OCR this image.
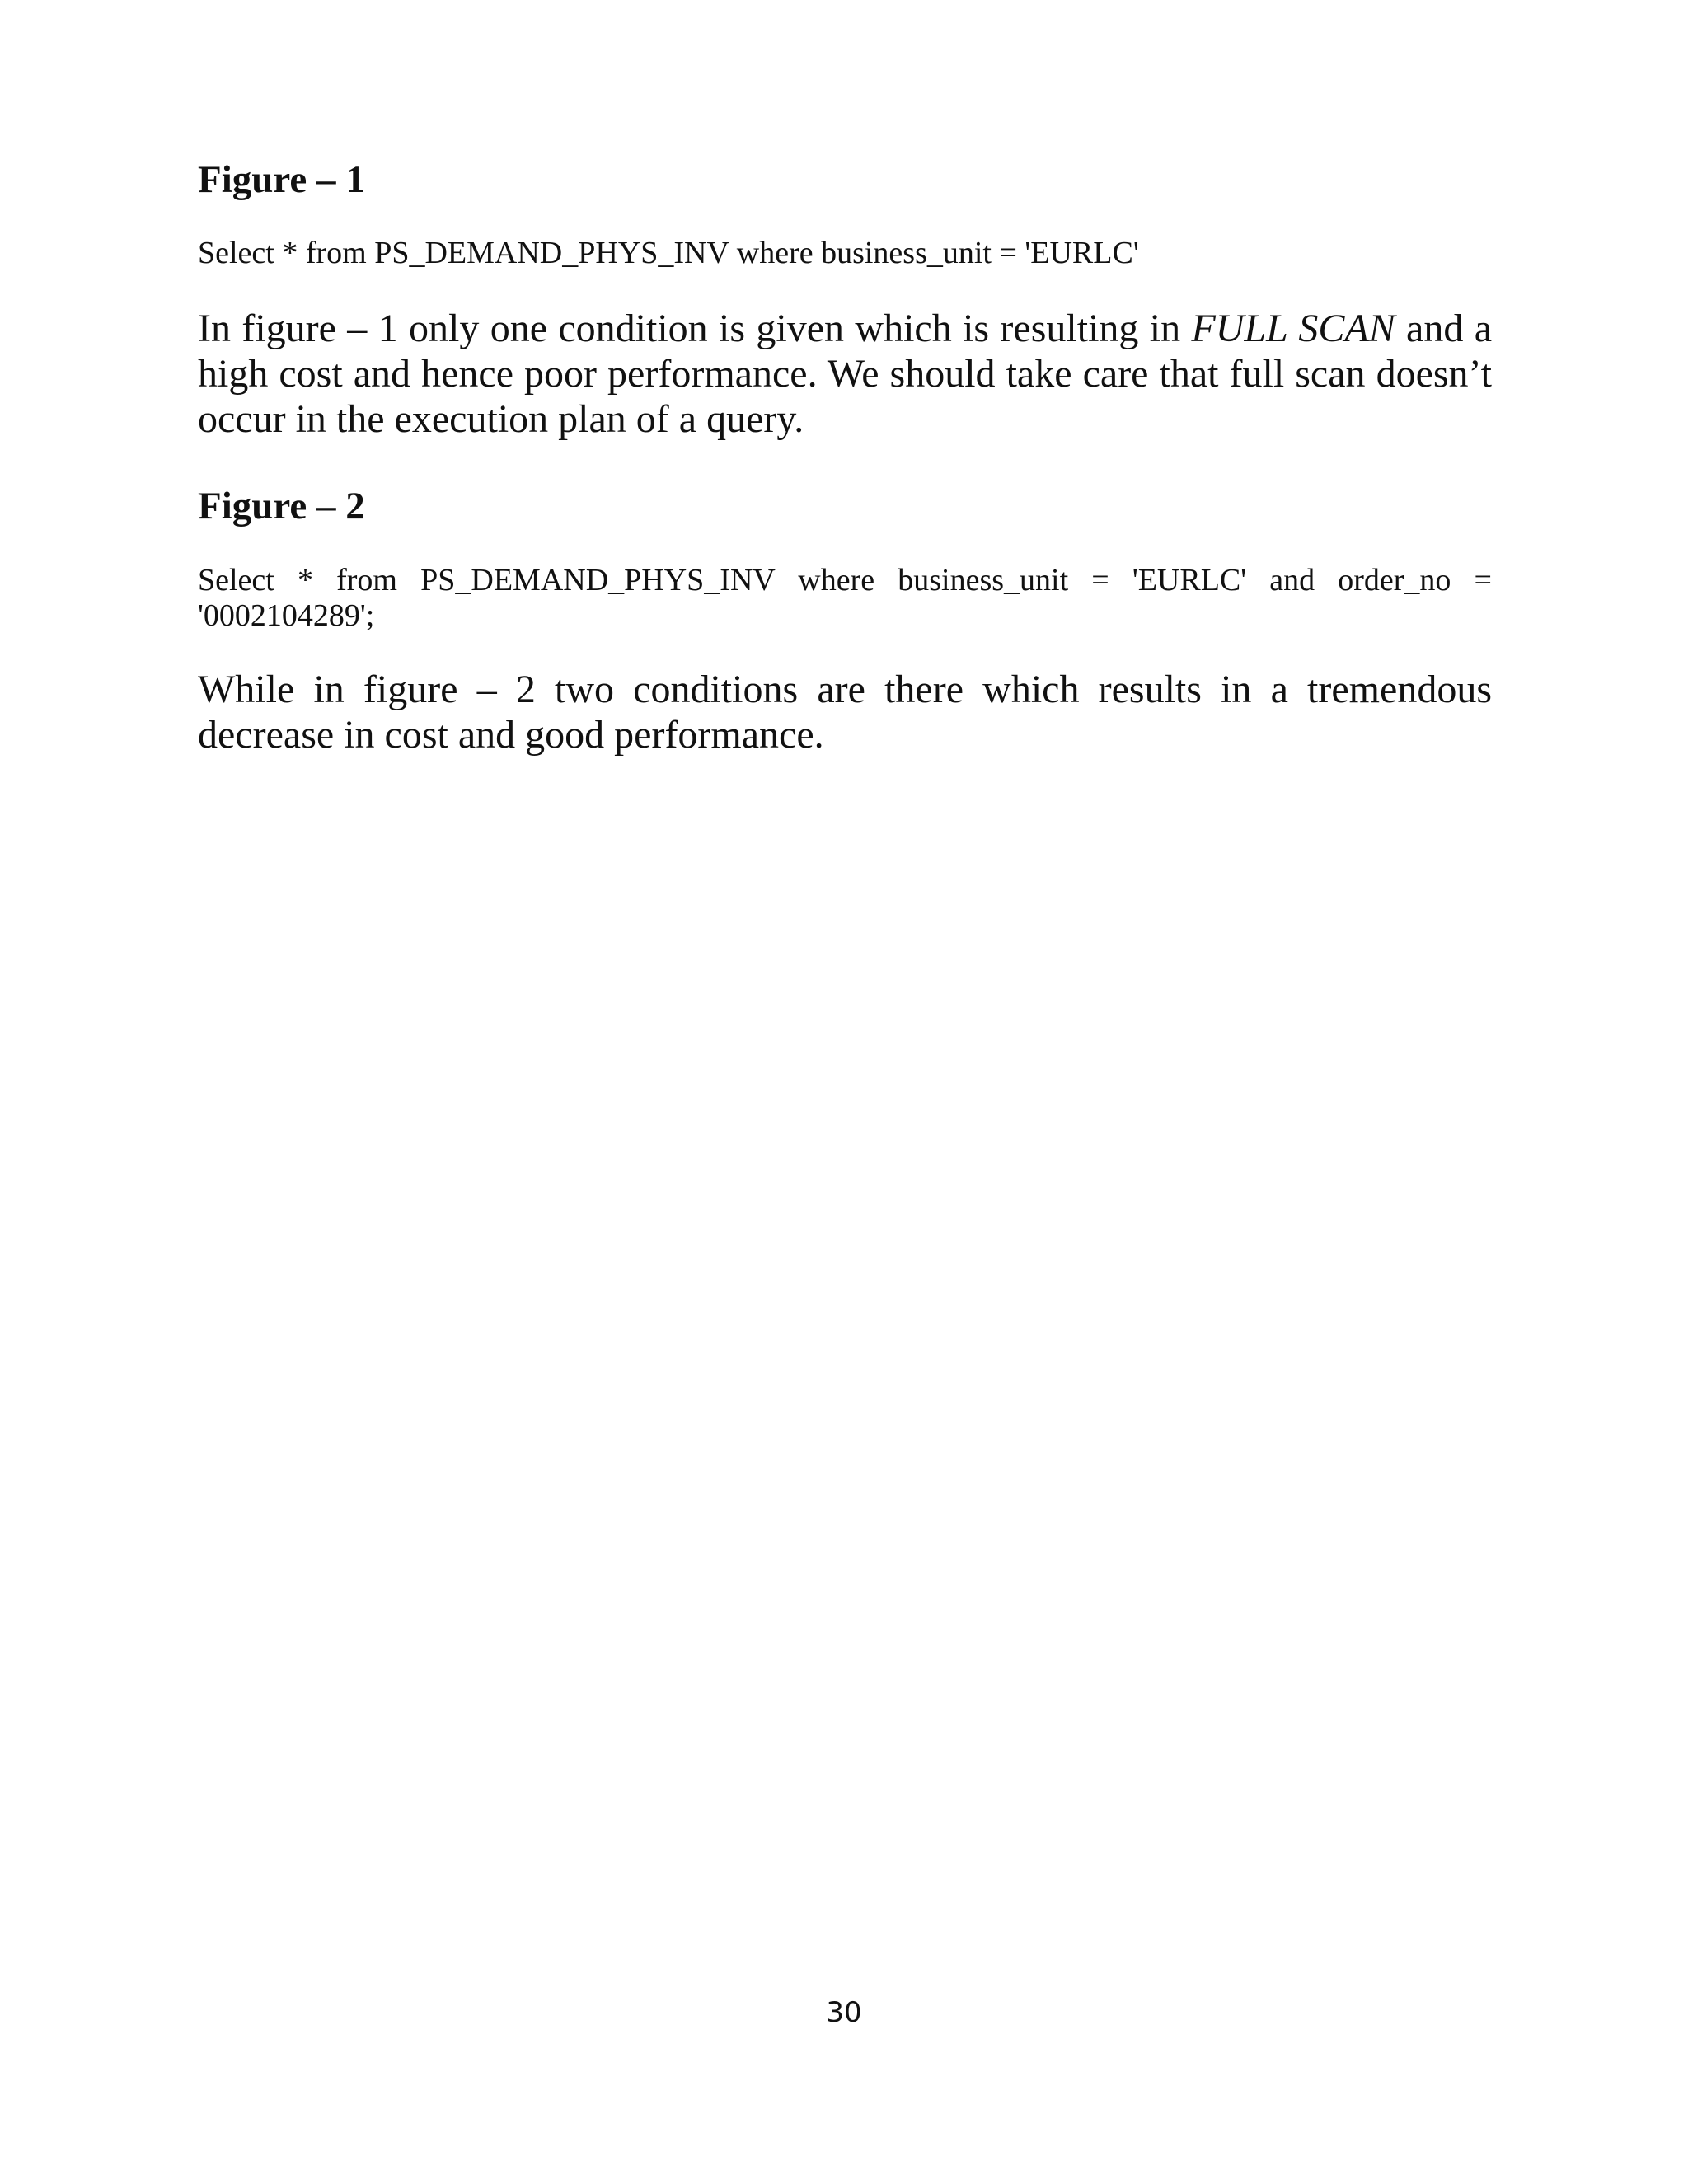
Figure – 1

Select * from PS_DEMAND_PHYS_INV where business_unit = 'EURLC'

In figure – 1 only one condition is given which is resulting in FULL SCAN and a high cost and hence poor performance. We should take care that full scan doesn’t occur in the execution plan of a query.

Figure – 2

Select * from PS_DEMAND_PHYS_INV where business_unit = 'EURLC' and order_no = '0002104289';

While in figure – 2 two conditions are there which results in a tremendous decrease in cost and good performance.

30
